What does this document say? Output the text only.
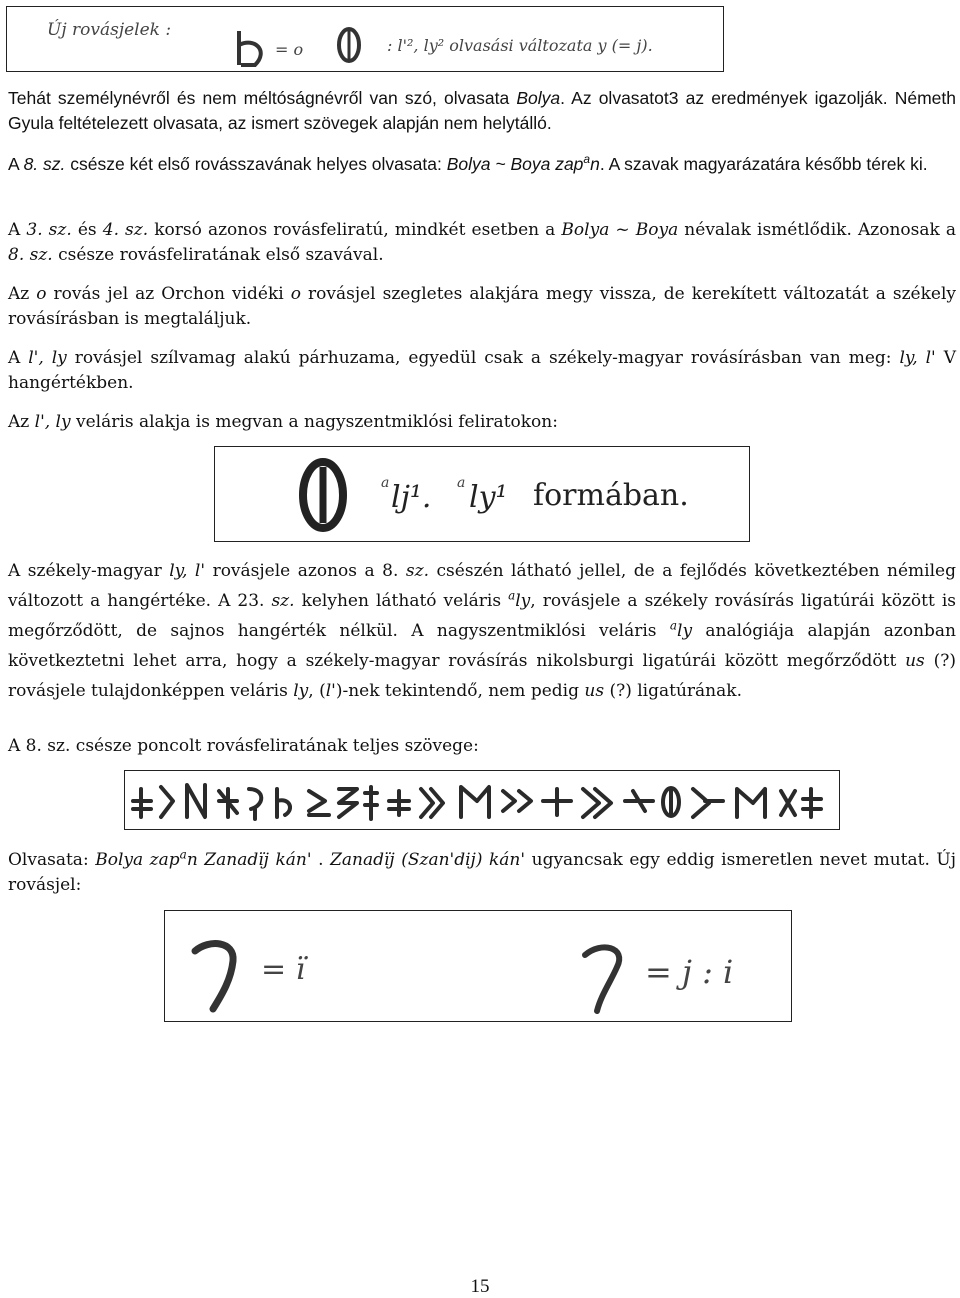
Új rovásjelek :
= o	: l'², ly² olvasási változata y (= j).

Tehát személynévről és nem méltóságnévről van szó, olvasata Bolya. Az olvasatot3 az eredmények igazolják. Németh Gyula feltételezett olvasata, az ismert szövegek alapján nem helytálló.

A 8. sz. csésze két első rovásszavának helyes olvasata: Bolya ~ Boya zap$^a$n. A szavak magyarázatára később térek ki.

A 3. sz. és 4. sz. korsó azonos rovásfeliratú, mindkét esetben a Bolya ~ Boya névalak ismétlődik. Azonosak a 8. sz. csésze rovásfeliratának első szavával.

Az o rovás jel az Orchon vidéki o rovásjel szegletes alakjára megy vissza, de kerekített változatát a székely rovásírásban is megtaláljuk.

A l', ly rovásjel szílvamag alakú párhuzama, egyedül csak a székely-magyar rovásírásban van meg: ly, l' V hangértékben.

Az l', ly veláris alakja is megvan a nagyszentmiklósi feliratokon:

a lj¹. a ly¹ formában.

A székely-magyar ly, l' rovásjele azonos a 8. sz. csészén látható jellel, de a fejlődés következtében némileg változott a hangértéke. A 23. sz. kelyhen látható veláris $^a$ly, rovásjele a székely rovásírás ligatúrái között is megőrződött, de sajnos hangérték nélkül. A nagyszentmiklósi veláris $^a$ly analógiája alapján azonban következtetni lehet arra, hogy a székely-magyar rovásírás nikolsburgi ligatúrái között megőrződött us (?) rovásjele tulajdonképpen veláris ly, (l')-nek tekintendő, nem pedig us (?) ligatúrának.

A 8. sz. csésze poncolt rovásfeliratának teljes szövege:

Olvasata: Bolya zap$^a$n Zanadïj kán' . Zanadïj (Szan'dij) kán' ugyancsak egy eddig ismeretlen nevet mutat. Új rovásjel:

= ï	= j : i
15
